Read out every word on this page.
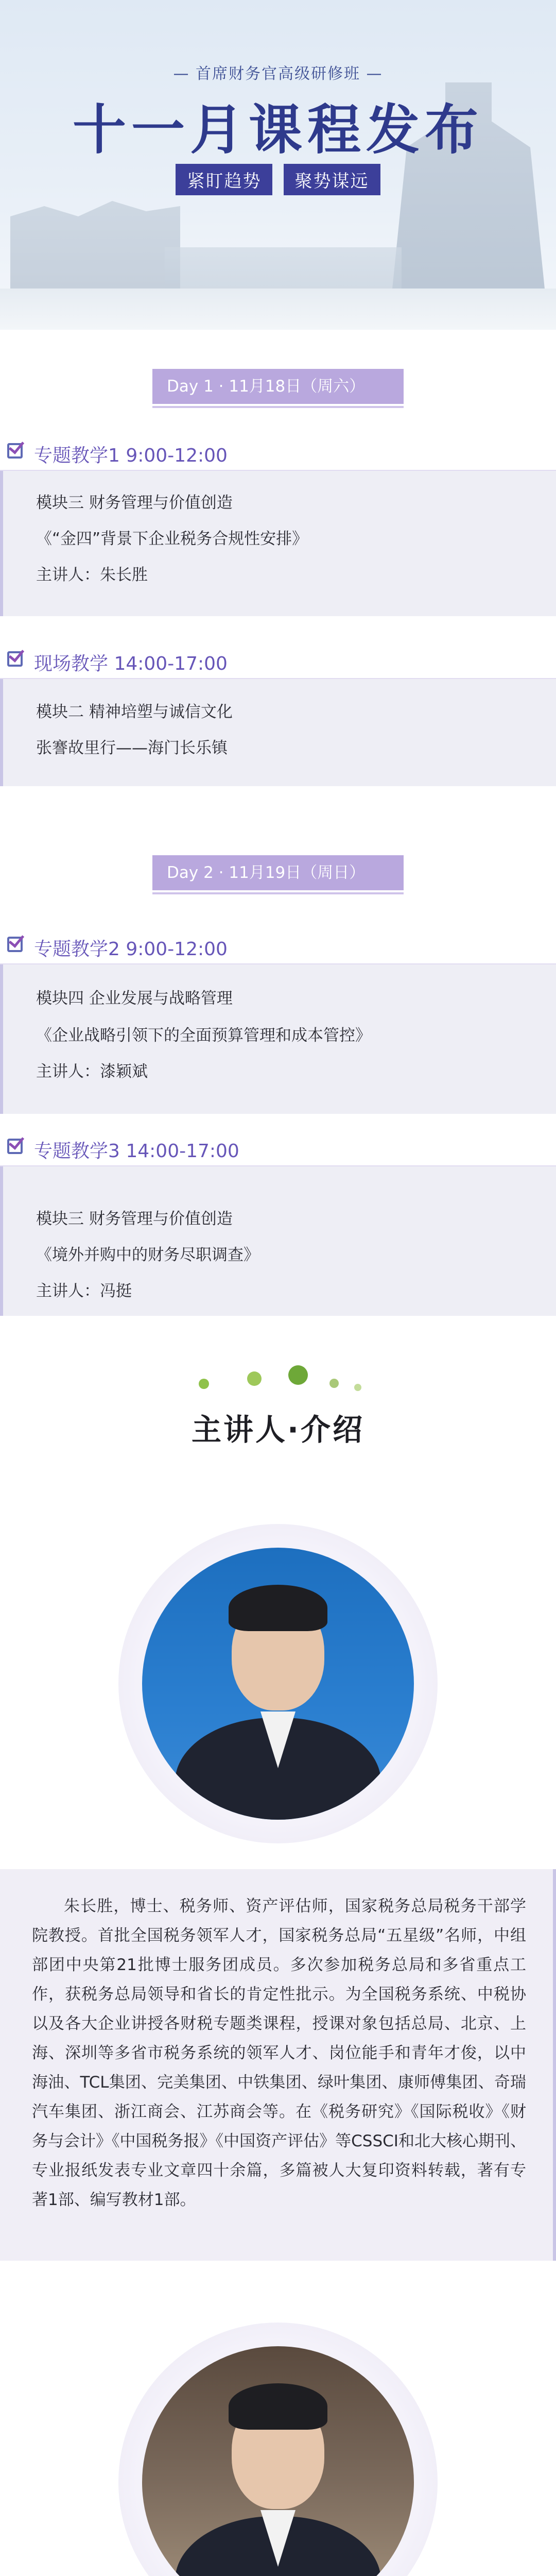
— 首席财务官高级研修班 —
十一月课程发布
紧盯趋势 聚势谋远
Day 1 · 11月18日（周六）
专题教学1 9:00-12:00

模块三 财务管理与价值创造

《“金四”背景下企业税务合规性安排》

主讲人：朱长胜

现场教学 14:00-17:00

模块二 精神培塑与诚信文化

张謇故里行——海门长乐镇

Day 2 · 11月19日（周日）
专题教学2 9:00-12:00

模块四 企业发展与战略管理

《企业战略引领下的全面预算管理和成本管控》

主讲人：漆颖斌

专题教学3 14:00-17:00

模块三 财务管理与价值创造

《境外并购中的财务尽职调查》

主讲人：冯挺

主讲人·介绍
朱长胜，博士、税务师、资产评估师，国家税务总局税务干部学院教授。首批全国税务领军人才，国家税务总局“五星级”名师，中组部团中央第21批博士服务团成员。多次参加税务总局和多省重点工作，获税务总局领导和省长的肯定性批示。为全国税务系统、中税协以及各大企业讲授各财税专题类课程，授课对象包括总局、北京、上海、深圳等多省市税务系统的领军人才、岗位能手和青年才俊，以中海油、TCL集团、完美集团、中铁集团、绿叶集团、康师傅集团、奇瑞汽车集团、浙江商会、江苏商会等。在《税务研究》《国际税收》《财务与会计》《中国税务报》《中国资产评估》等CSSCI和北大核心期刊、专业报纸发表专业文章四十余篇，多篇被人大复印资料转载，著有专著1部、编写教材1部。
